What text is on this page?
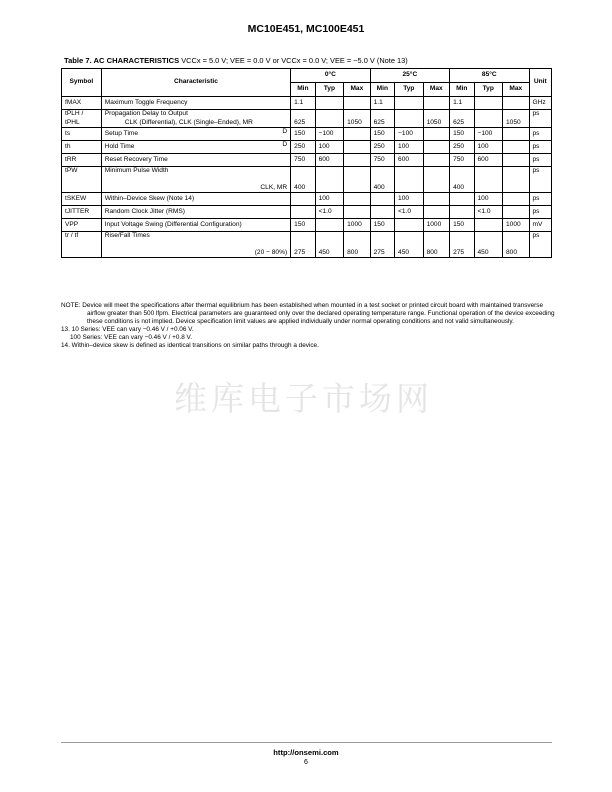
MC10E451, MC100E451
Table 7. AC CHARACTERISTICS VCCx = 5.0 V; VEE = 0.0 V or VCCx = 0.0 V; VEE = −5.0 V (Note 13)
Symbol	Characteristic	0°C			25°C			85°C			Unit
		Min	Typ	Max	Min	Typ	Max	Min	Typ	Max	
fMAX	Maximum Toggle Frequency	1.1			1.1			1.1			GHz
tPLH / tPHL	Propagation Delay to Output
CLK (Differential), CLK (Single–Ended), MR	625		1050	625		1050	625		1050	ps
ts	Setup Time D	150	−100		150	−100		150	−100		ps
th	Hold Time D	250	100		250	100		250	100		ps
tRR	Reset Recovery Time	750	600		750	600		750	600		ps
tPW	Minimum Pulse Width
CLK, MR	400			400			400			ps
tSKEW	Within–Device Skew (Note 14)		100			100			100		ps
tJITTER	Random Clock Jitter (RMS)		<1.0			<1.0			<1.0		ps
VPP	Input Voltage Swing (Differential Configuration)	150		1000	150		1000	150		1000	mV
tr / tf	Rise/Fall Times
(20 − 80%)	275	450	800	275	450	800	275	450	800	ps
NOTE: Device will meet the specifications after thermal equilibrium has been established when mounted in a test socket or printed circuit board with maintained transverse airflow greater than 500 lfpm. Electrical parameters are guaranteed only over the declared operating temperature range. Functional operation of the device exceeding these conditions is not implied. Device specification limit values are applied individually under normal operating conditions and not valid simultaneously.
13. 10 Series: VEE can vary −0.46 V / +0.06 V.
100 Series: VEE can vary −0.46 V / +0.8 V.
14. Within–device skew is defined as identical transitions on similar paths through a device.
维库电子市场网
http://onsemi.com
6
